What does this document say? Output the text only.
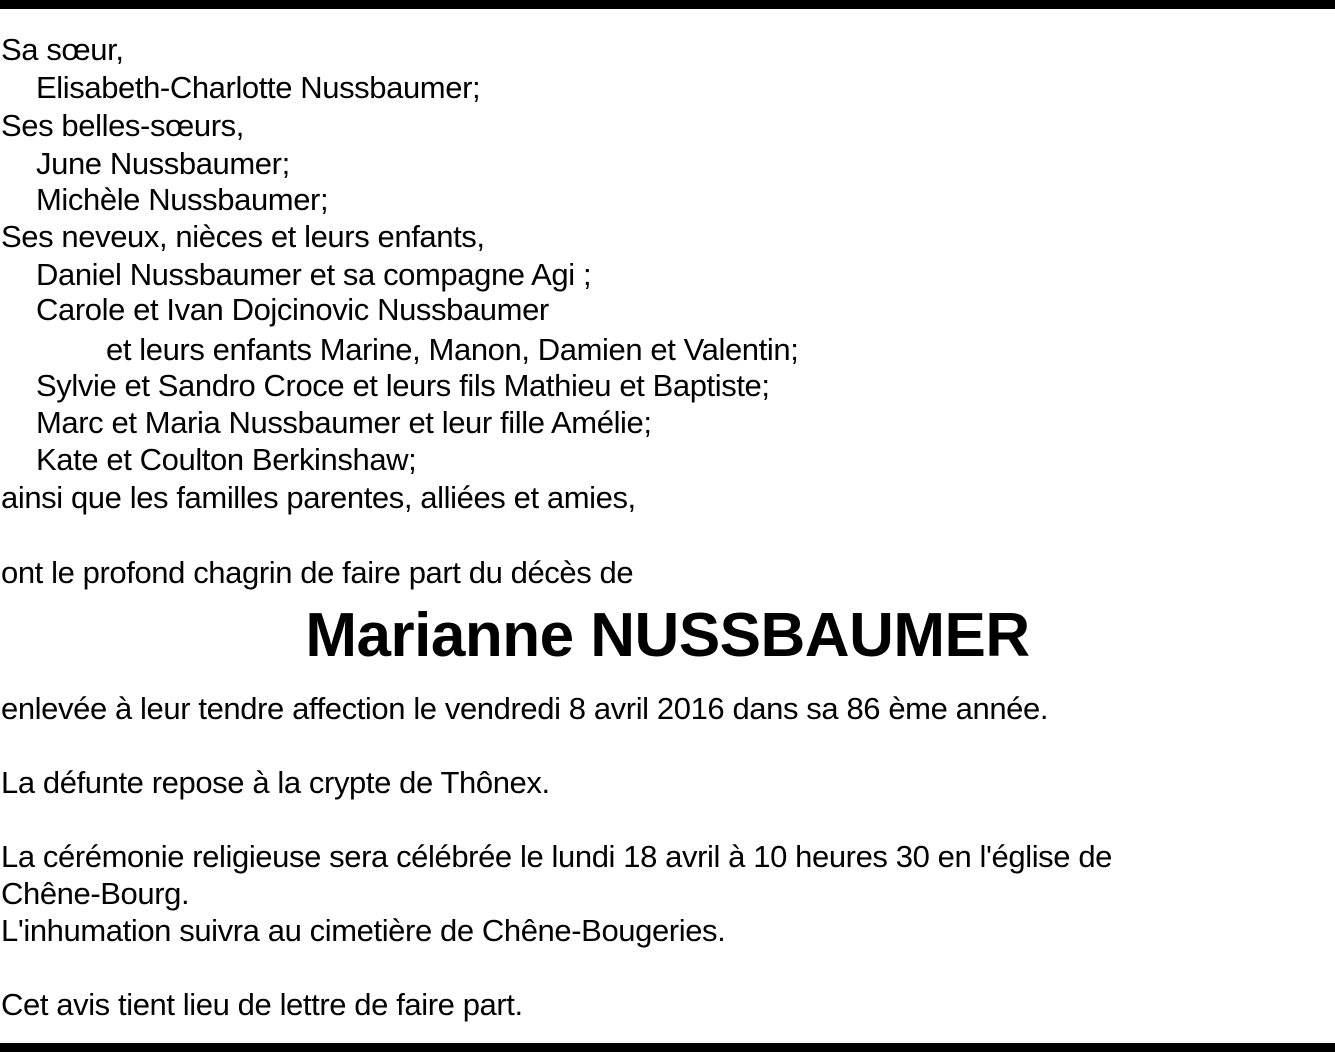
Sa sœur,
Elisabeth-Charlotte Nussbaumer;
Ses belles-sœurs,
June Nussbaumer;
Michèle Nussbaumer;
Ses neveux, nièces et leurs enfants,
Daniel Nussbaumer et sa compagne Agi ;
Carole et Ivan Dojcinovic Nussbaumer
et leurs enfants Marine, Manon, Damien et Valentin;
Sylvie et Sandro Croce et leurs fils Mathieu et Baptiste;
Marc et Maria Nussbaumer et leur fille Amélie;
Kate et Coulton Berkinshaw;
ainsi que les familles parentes, alliées et amies,
ont le profond chagrin de faire part du décès de
Marianne NUSSBAUMER
enlevée à leur tendre affection le vendredi 8 avril 2016 dans sa 86 ème année.
La défunte repose à la crypte de Thônex.
La cérémonie religieuse sera célébrée le lundi 18 avril à 10 heures 30 en l'église de
Chêne-Bourg.
L'inhumation suivra au cimetière de Chêne-Bougeries.
Cet avis tient lieu de lettre de faire part.
